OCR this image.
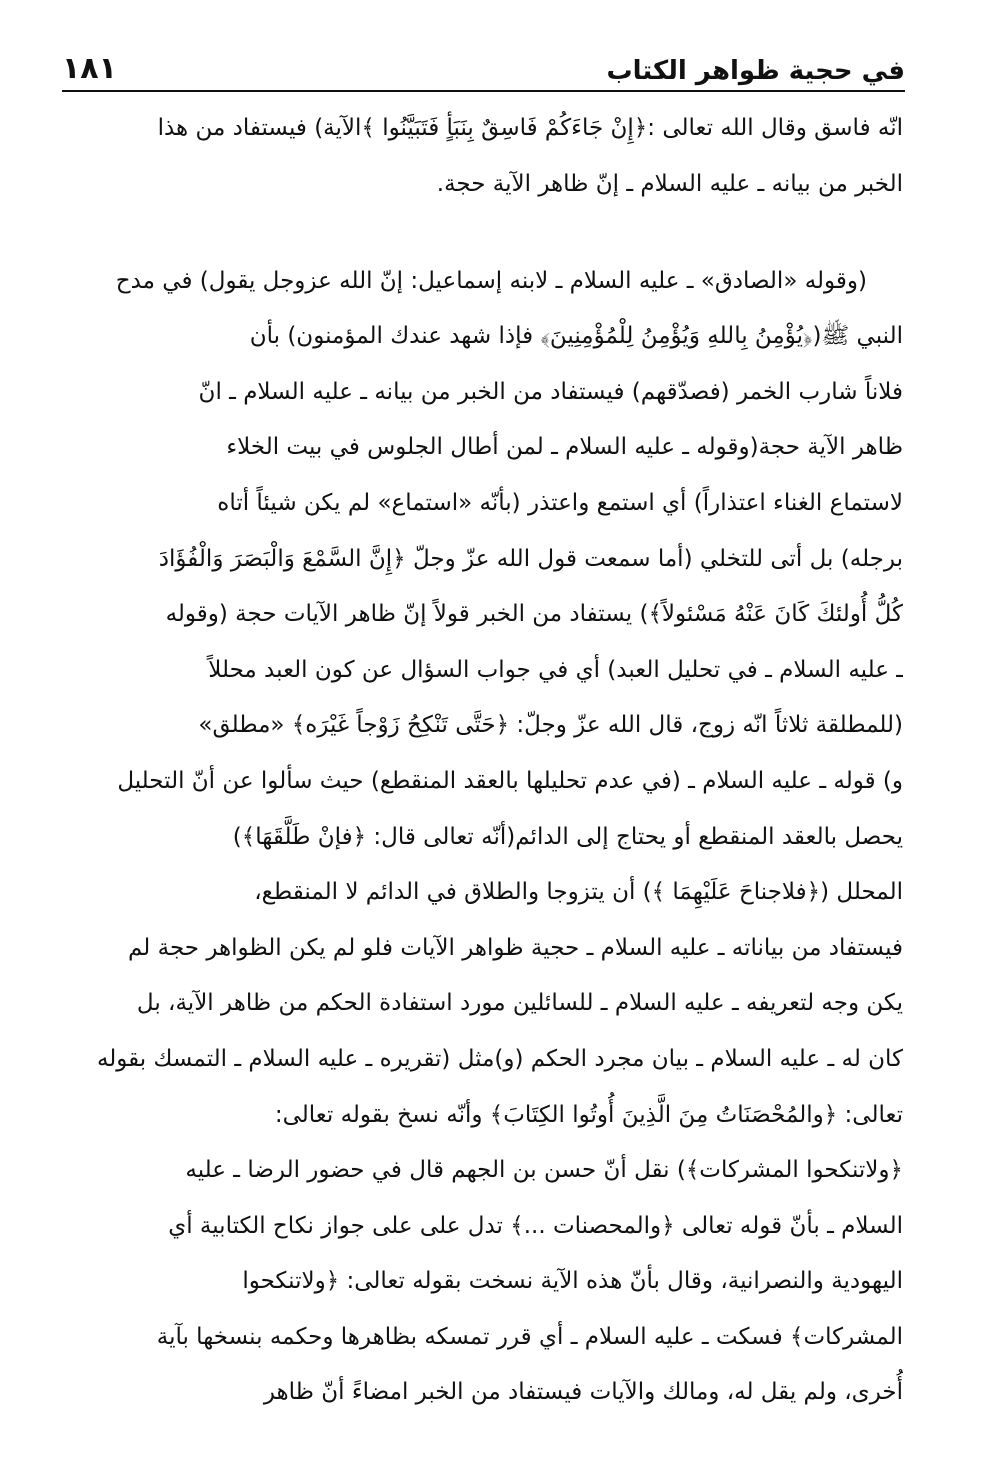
في حجية ظواهر الكتاب
١٨١
انّه فاسق وقال الله تعالى :﴿إِنْ جَاءَكُمْ فَاسِقٌ بِنَبَأٍ فَتَبَيَّنُوا ﴾الآية) فيستفاد من هذا
الخبر من بيانه ـ عليه السلام ـ إنّ ظاهر الآية حجة.
(وقوله «الصادق» ـ عليه السلام ـ لابنه إسماعيل: إنّ الله عزوجل يقول) في مدح
النبي ﷺ(﴿يُؤْمِنُ بِاللهِ وَيُؤْمِنُ لِلْمُؤْمِنِينَ﴾ فإذا شهد عندك المؤمنون) بأن
فلاناً شارب الخمر (فصدّقهم) فيستفاد من الخبر من بيانه ـ عليه السلام ـ انّ
ظاهر الآية حجة(وقوله ـ عليه السلام ـ لمن أطال الجلوس في بيت الخلاء
لاستماع الغناء اعتذاراً) أي استمع واعتذر (بأنّه «استماع» لم يكن شيئاً أتاه
برجله) بل أتى للتخلي (أما سمعت قول الله عزّ وجلّ ﴿إِنَّ السَّمْعَ وَالْبَصَرَ وَالْفُؤَادَ
كُلُّ أُولئكَ كَانَ عَنْهُ مَسْئولاً﴾) يستفاد من الخبر قولاً إنّ ظاهر الآيات حجة (وقوله
ـ عليه السلام ـ في تحليل العبد) أي في جواب السؤال عن كون العبد محللاً
(للمطلقة ثلاثاً انّه زوج، قال الله عزّ وجلّ: ﴿حَتَّى تَنْكِحُ زَوْجاً غَيْرَه﴾ «مطلق»
و) قوله ـ عليه السلام ـ (في عدم تحليلها بالعقد المنقطع) حيث سألوا عن أنّ التحليل
يحصل بالعقد المنقطع أو يحتاج إلى الدائم(أنّه تعالى قال: ﴿فإنْ طَلَّقَهَا﴾)
المحلل (﴿فلاجناحَ عَلَيْهِمَا ﴾) أن يتزوجا والطلاق في الدائم لا المنقطع،
فيستفاد من بياناته ـ عليه السلام ـ حجية ظواهر الآيات فلو لم يكن الظواهر حجة لم
يكن وجه لتعريفه ـ عليه السلام ـ للسائلين مورد استفادة الحكم من ظاهر الآية، بل
كان له ـ عليه السلام ـ بيان مجرد الحكم (و)مثل (تقريره ـ عليه السلام ـ التمسك بقوله
تعالى: ﴿والمُحْصَنَاتُ مِنَ الَّذِينَ أُوتُوا الكِتَابَ﴾ وأنّه نسخ بقوله تعالى:
﴿ولاتنكحوا المشركات﴾) نقل أنّ حسن بن الجهم قال في حضور الرضا ـ عليه
السلام ـ بأنّ قوله تعالى ﴿والمحصنات ...﴾ تدل على على جواز نكاح الكتابية أي
اليهودية والنصرانية، وقال بأنّ هذه الآية نسخت بقوله تعالى: ﴿ولاتنكحوا
المشركات﴾ فسكت ـ عليه السلام ـ أي قرر تمسكه بظاهرها وحكمه بنسخها بآية
أُخرى، ولم يقل له، ومالك والآيات فيستفاد من الخبر امضاءً أنّ ظاهر
